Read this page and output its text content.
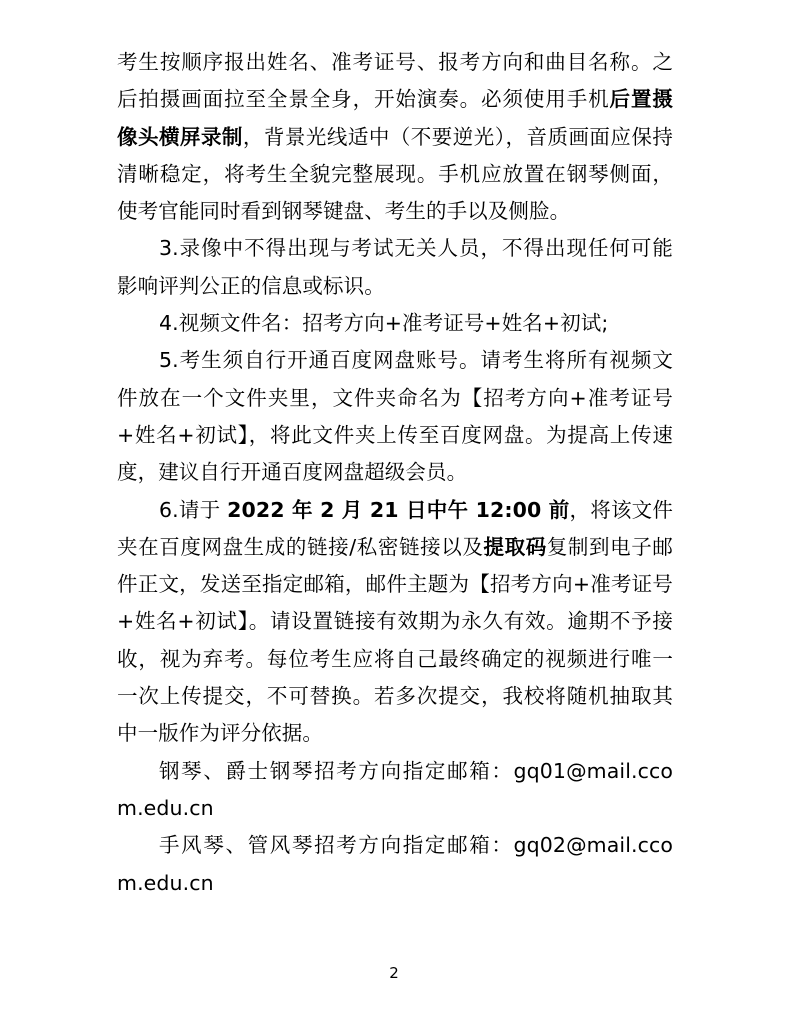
考生按顺序报出姓名、准考证号、报考方向和曲目名称。之后拍摄画面拉至全景全身，开始演奏。必须使用手机后置摄像头横屏录制，背景光线适中（不要逆光），音质画面应保持清晰稳定，将考生全貌完整展现。手机应放置在钢琴侧面，使考官能同时看到钢琴键盘、考生的手以及侧脸。

3.录像中不得出现与考试无关人员，不得出现任何可能影响评判公正的信息或标识。

4.视频文件名：招考方向+准考证号+姓名+初试;

5.考生须自行开通百度网盘账号。请考生将所有视频文件放在一个文件夹里，文件夹命名为【招考方向+准考证号+姓名+初试】，将此文件夹上传至百度网盘。为提高上传速度，建议自行开通百度网盘超级会员。

6.请于 2022 年 2 月 21 日中午 12:00 前，将该文件夹在百度网盘生成的链接/私密链接以及提取码复制到电子邮件正文，发送至指定邮箱，邮件主题为【招考方向+准考证号+姓名+初试】。请设置链接有效期为永久有效。逾期不予接收，视为弃考。每位考生应将自己最终确定的视频进行唯一一次上传提交，不可替换。若多次提交，我校将随机抽取其中一版作为评分依据。

钢琴、爵士钢琴招考方向指定邮箱：gq01@mail.ccom.edu.cn

手风琴、管风琴招考方向指定邮箱：gq02@mail.ccom.edu.cn

2
